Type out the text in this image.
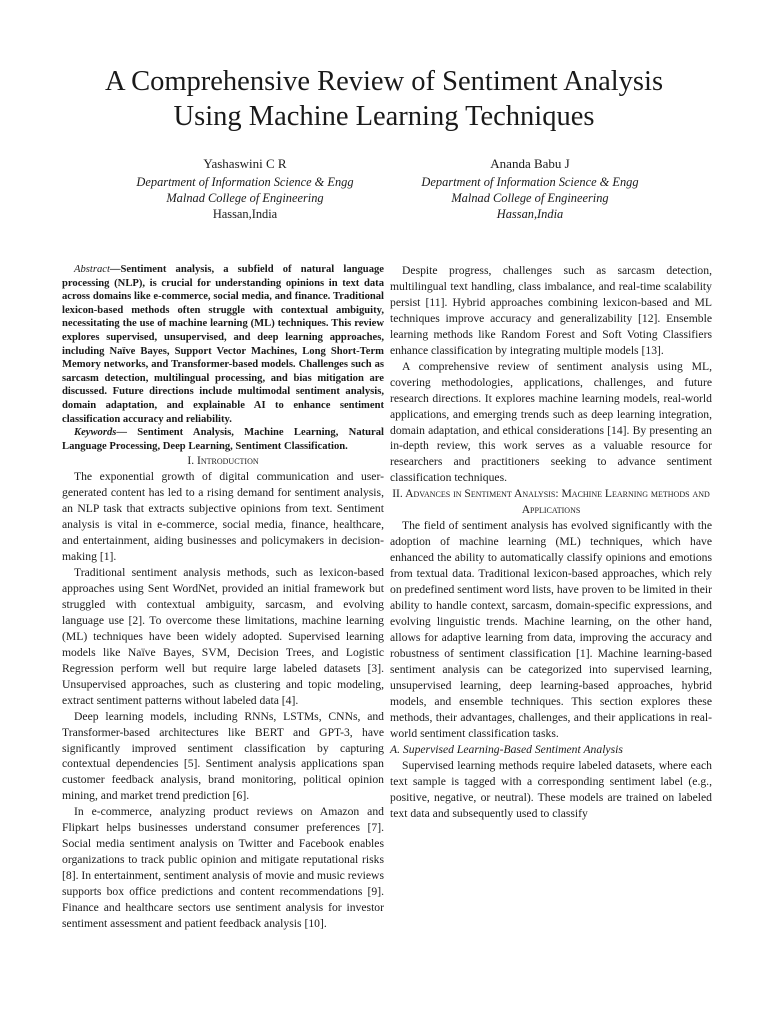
A Comprehensive Review of Sentiment Analysis
Using Machine Learning Techniques
Yashaswini C R
Department of Information Science & Engg
Malnad College of Engineering
Hassan,India
Ananda Babu J
Department of Information Science & Engg
Malnad College of Engineering
Hassan,India

Abstract—Sentiment analysis, a subfield of natural language processing (NLP), is crucial for understanding opinions in text data across domains like e-commerce, social media, and finance. Traditional lexicon-based methods often struggle with contextual ambiguity, necessitating the use of machine learning (ML) techniques. This review explores supervised, unsupervised, and deep learning approaches, including Naïve Bayes, Support Vector Machines, Long Short-Term Memory networks, and Transformer-based models. Challenges such as sarcasm detection, multilingual processing, and bias mitigation are discussed. Future directions include multimodal sentiment analysis, domain adaptation, and explainable AI to enhance sentiment classification accuracy and reliability.

Keywords— Sentiment Analysis, Machine Learning, Natural Language Processing, Deep Learning, Sentiment Classification.

I. Introduction

The exponential growth of digital communication and user-generated content has led to a rising demand for sentiment analysis, an NLP task that extracts subjective opinions from text. Sentiment analysis is vital in e-commerce, social media, finance, healthcare, and entertainment, aiding businesses and policymakers in decision-making [1].

Traditional sentiment analysis methods, such as lexicon-based approaches using Sent WordNet, provided an initial framework but struggled with contextual ambiguity, sarcasm, and evolving language use [2]. To overcome these limitations, machine learning (ML) techniques have been widely adopted. Supervised learning models like Naïve Bayes, SVM, Decision Trees, and Logistic Regression perform well but require large labeled datasets [3]. Unsupervised approaches, such as clustering and topic modeling, extract sentiment patterns without labeled data [4].

Deep learning models, including RNNs, LSTMs, CNNs, and Transformer-based architectures like BERT and GPT-3, have significantly improved sentiment classification by capturing contextual dependencies [5]. Sentiment analysis applications span customer feedback analysis, brand monitoring, political opinion mining, and market trend prediction [6].

In e-commerce, analyzing product reviews on Amazon and Flipkart helps businesses understand consumer preferences [7]. Social media sentiment analysis on Twitter and Facebook enables organizations to track public opinion and mitigate reputational risks [8]. In entertainment, sentiment analysis of movie and music reviews supports box office predictions and content recommendations [9]. Finance and healthcare sectors use sentiment analysis for investor sentiment assessment and patient feedback analysis [10].

Despite progress, challenges such as sarcasm detection, multilingual text handling, class imbalance, and real-time scalability persist [11]. Hybrid approaches combining lexicon-based and ML techniques improve accuracy and generalizability [12]. Ensemble learning methods like Random Forest and Soft Voting Classifiers enhance classification by integrating multiple models [13].

A comprehensive review of sentiment analysis using ML, covering methodologies, applications, challenges, and future research directions. It explores machine learning models, real-world applications, and emerging trends such as deep learning integration, domain adaptation, and ethical considerations [14]. By presenting an in-depth review, this work serves as a valuable resource for researchers and practitioners seeking to advance sentiment classification techniques.

II. Advances in Sentiment Analysis: Machine Learning methods and Applications

The field of sentiment analysis has evolved significantly with the adoption of machine learning (ML) techniques, which have enhanced the ability to automatically classify opinions and emotions from textual data. Traditional lexicon-based approaches, which rely on predefined sentiment word lists, have proven to be limited in their ability to handle context, sarcasm, domain-specific expressions, and evolving linguistic trends. Machine learning, on the other hand, allows for adaptive learning from data, improving the accuracy and robustness of sentiment classification [1]. Machine learning-based sentiment analysis can be categorized into supervised learning, unsupervised learning, deep learning-based approaches, hybrid models, and ensemble techniques. This section explores these methods, their advantages, challenges, and their applications in real-world sentiment classification tasks.

A. Supervised Learning-Based Sentiment Analysis

Supervised learning methods require labeled datasets, where each text sample is tagged with a corresponding sentiment label (e.g., positive, negative, or neutral). These models are trained on labeled text data and subsequently used to classify
